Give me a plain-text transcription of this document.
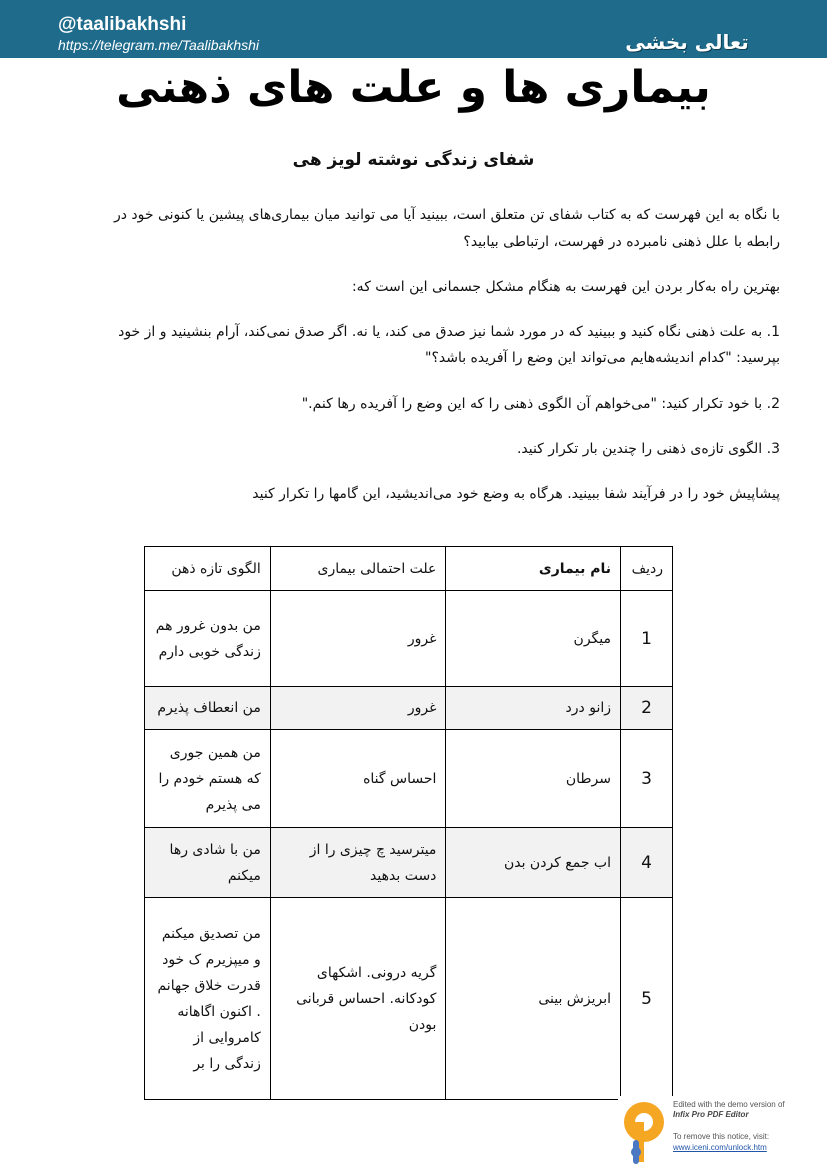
@taalibakhshi
https://telegram.me/Taalibakhshi	تعالی بخشی
بیماری ها و علت های ذهنی
شفای زندگی نوشته لویز هی

با نگاه به این فهرست که به کتاب شفای تن متعلق است، ببینید آیا می توانید میان بیماری‌های پیشین یا کنونی خود در

رابطه با علل ذهنی نامبرده در فهرست، ارتباطی بیابید؟

بهترین راه به‌کار بردن این فهرست به هنگام مشکل جسمانی این است که:

1. به علت ذهنی نگاه کنید و ببینید که در مورد شما نیز صدق می کند، یا نه. اگر صدق نمی‌کند، آرام بنشینید و از خود

بپرسید: "کدام اندیشه‌هایم می‌تواند این وضع را آفریده باشد؟"

2. با خود تکرار کنید: "می‌خواهم آن الگوی ذهنی را که این وضع را آفریده رها کنم."

3. الگوی تازه‌ی ذهنی را چندین بار تکرار کنید.

پیشاپیش خود را در فرآیند شفا ببینید. هرگاه به وضع خود می‌اندیشید، این گامها را تکرار کنید

ردیف	نام بیماری	علت احتمالی بیماری	الگوی تازه ذهن
1	میگرن	غرور	من بدون غرور هم زندگی خوبی دارم
2	زانو درد	غرور	من انعطاف پذیرم
3	سرطان	احساس گناه	من همین جوری که هستم خودم را می پذیرم
4	اب جمع کردن بدن	میترسید چ چیزی را از دست بدهید	من با شادی رها میکنم
5	ابریزش بینی	گریه درونی. اشکهای کودکانه. احساس قربانی بودن	من تصدیق میکنم و میپزیرم ک خود قدرت خلاق جهانم . اکنون اگاهانه کامروایی از زندگی را بر
Edited with the demo version of
Infix Pro PDF Editor
To remove this notice, visit:
www.iceni.com/unlock.htm
